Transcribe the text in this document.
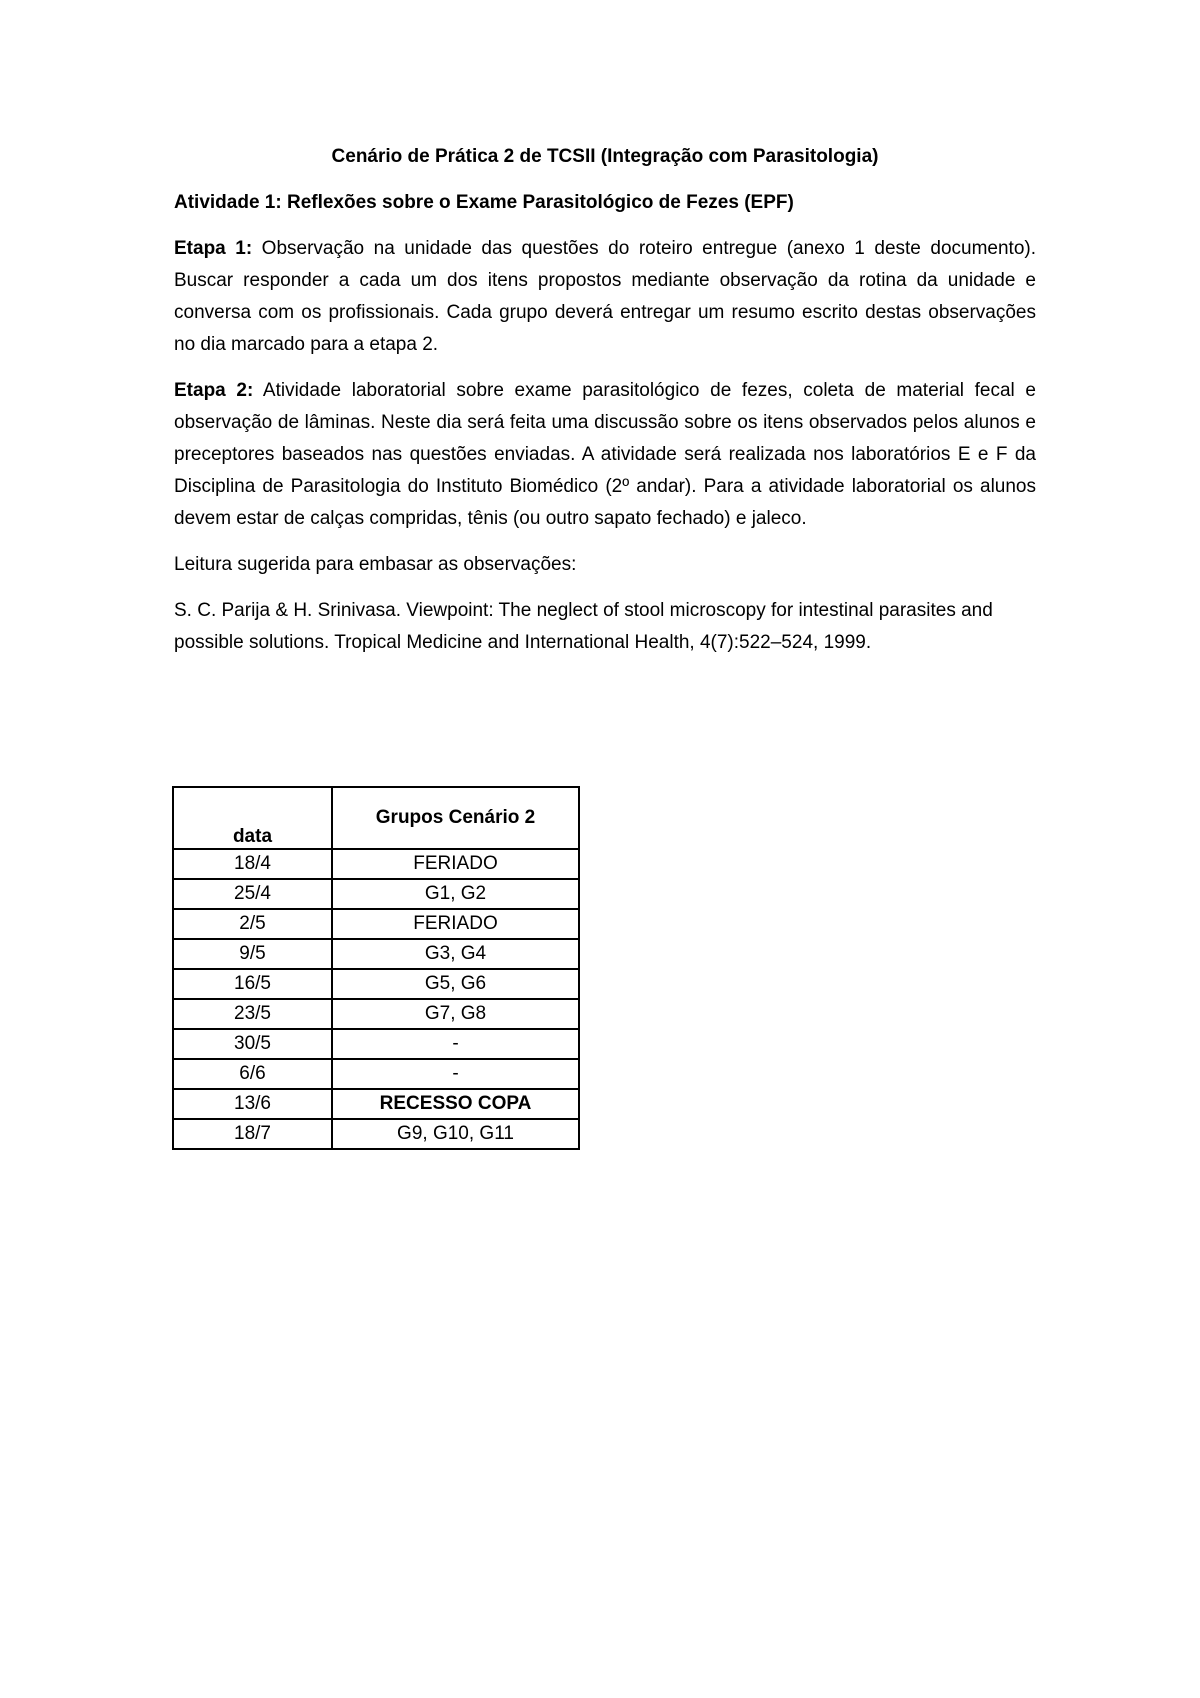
Cenário de Prática 2 de TCSII (Integração com Parasitologia)

Atividade 1: Reflexões sobre o Exame Parasitológico de Fezes (EPF)

Etapa 1: Observação na unidade das questões do roteiro entregue (anexo 1 deste documento). Buscar responder a cada um dos itens propostos mediante observação da rotina da unidade e conversa com os profissionais. Cada grupo deverá entregar um resumo escrito destas observações no dia marcado para a etapa 2.

Etapa 2: Atividade laboratorial sobre exame parasitológico de fezes, coleta de material fecal e observação de lâminas. Neste dia será feita uma discussão sobre os itens observados pelos alunos e preceptores baseados nas questões enviadas. A atividade será realizada nos laboratórios E e F da Disciplina de Parasitologia do Instituto Biomédico (2º andar). Para a atividade laboratorial os alunos devem estar de calças compridas, tênis (ou outro sapato fechado) e jaleco.

Leitura sugerida para embasar as observações:

S. C. Parija & H. Srinivasa. Viewpoint: The neglect of stool microscopy for intestinal parasites and possible solutions. Tropical Medicine and International Health, 4(7):522–524, 1999.

data	Grupos Cenário 2
18/4	FERIADO
25/4	G1, G2
2/5	FERIADO
9/5	G3, G4
16/5	G5, G6
23/5	G7, G8
30/5	-
6/6	-
13/6	RECESSO COPA
18/7	G9, G10, G11
